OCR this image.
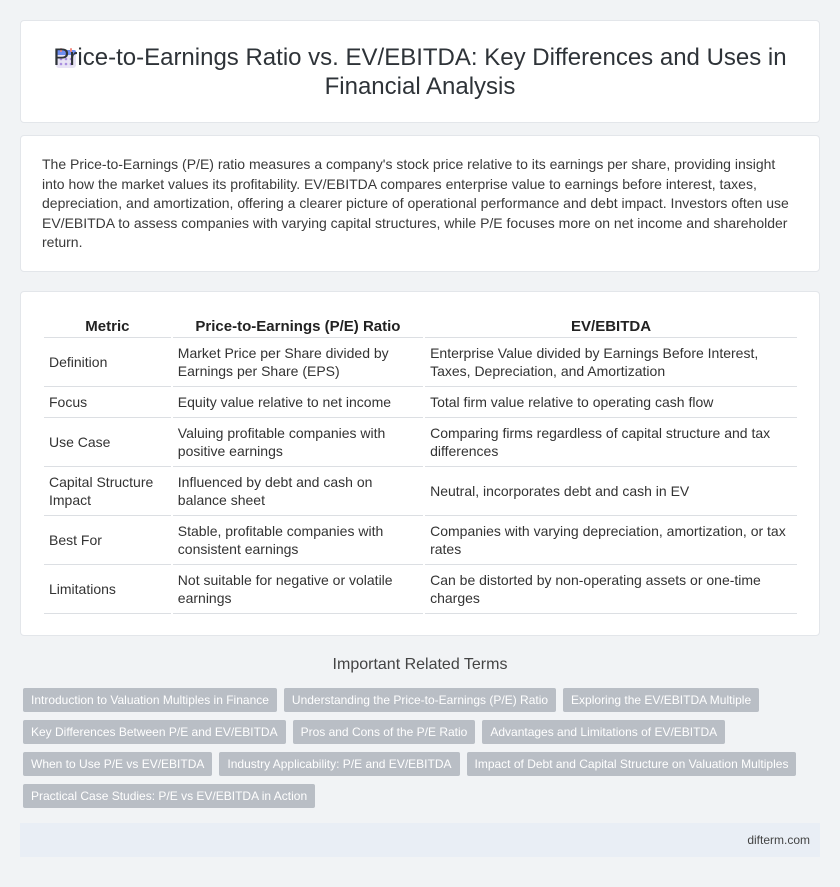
Price-to-Earnings Ratio vs. EV/EBITDA: Key Differences and Uses in Financial Analysis

The Price-to-Earnings (P/E) ratio measures a company's stock price relative to its earnings per share, providing insight into how the market values its profitability. EV/EBITDA compares enterprise value to earnings before interest, taxes, depreciation, and amortization, offering a clearer picture of operational performance and debt impact. Investors often use EV/EBITDA to assess companies with varying capital structures, while P/E focuses more on net income and shareholder return.

Metric	Price-to-Earnings (P/E) Ratio	EV/EBITDA
Definition	Market Price per Share divided by Earnings per Share (EPS)	Enterprise Value divided by Earnings Before Interest, Taxes, Depreciation, and Amortization
Focus	Equity value relative to net income	Total firm value relative to operating cash flow
Use Case	Valuing profitable companies with positive earnings	Comparing firms regardless of capital structure and tax differences
Capital Structure Impact	Influenced by debt and cash on balance sheet	Neutral, incorporates debt and cash in EV
Best For	Stable, profitable companies with consistent earnings	Companies with varying depreciation, amortization, or tax rates
Limitations	Not suitable for negative or volatile earnings	Can be distorted by non-operating assets or one-time charges
Important Related Terms
Introduction to Valuation Multiples in Finance	Understanding the Price-to-Earnings (P/E) Ratio	Exploring the EV/EBITDA Multiple
Key Differences Between P/E and EV/EBITDA	Pros and Cons of the P/E Ratio	Advantages and Limitations of EV/EBITDA
When to Use P/E vs EV/EBITDA	Industry Applicability: P/E and EV/EBITDA	Impact of Debt and Capital Structure on Valuation Multiples
Practical Case Studies: P/E vs EV/EBITDA in Action
difterm.com
